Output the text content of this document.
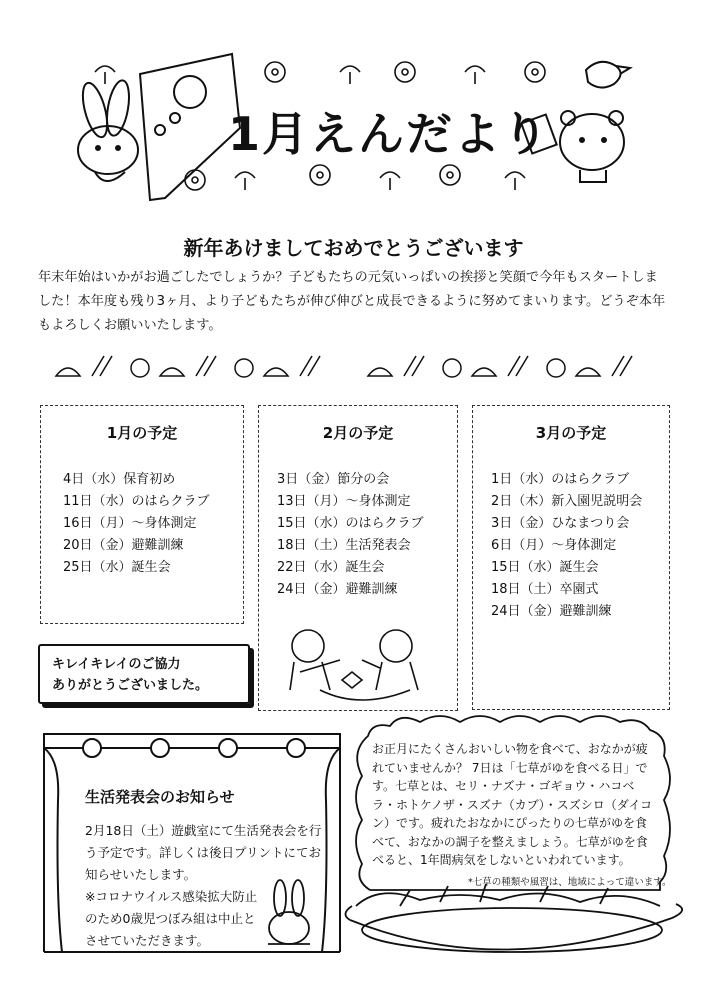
1月えんだより
新年あけましておめでとうございます
年末年始はいかがお過ごしたでしょうか？子どもたちの元気いっぱいの挨拶と笑顔で今年もスタートしました！本年度も残り3ヶ月、より子どもたちが伸び伸びと成長できるように努めてまいります。どうぞ本年もよろしくお願いいたします。
1月の予定
4日（水）保育初め
11日（水）のはらクラブ
16日（月）～身体測定
20日（金）避難訓練
25日（水）誕生会
2月の予定
3日（金）節分の会
13日（月）～身体測定
15日（水）のはらクラブ
18日（土）生活発表会
22日（水）誕生会
24日（金）避難訓練
3月の予定
1日（水）のはらクラブ
2日（木）新入園児説明会
3日（金）ひなまつり会
6日（月）～身体測定
15日（水）誕生会
18日（土）卒園式
24日（金）避難訓練
キレイキレイのご協力
ありがとうございました。
生活発表会のお知らせ
2月18日（土）遊戯室にて生活発表会を行う予定です。詳しくは後日プリントにてお知らせいたします。
※コロナウイルス感染拡大防止のため0歳児つぼみ組は中止とさせていただきます。
お正月にたくさんおいしい物を食べて、おなかが疲れていませんか？ 7日は「七草がゆを食べる日」です。七草とは、セリ・ナズナ・ゴギョウ・ハコベラ・ホトケノザ・スズナ（カブ）・スズシロ（ダイコン）です。疲れたおなかにぴったりの七草がゆを食べて、おなかの調子を整えましょう。七草がゆを食べると、1年間病気をしないといわれています。
*七草の種類や風習は、地域によって違います。
